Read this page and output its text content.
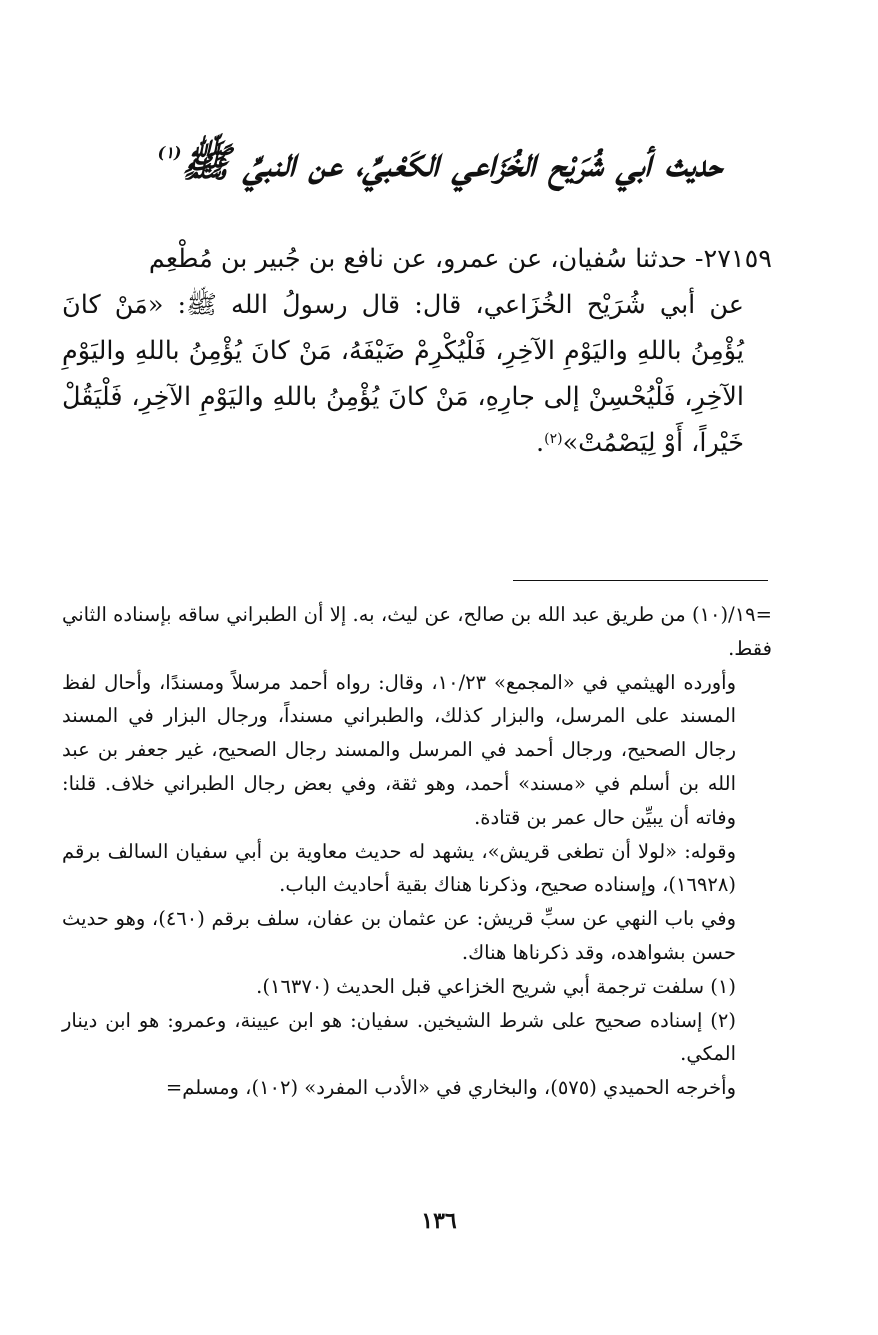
حديث أبي شُرَيْح الخُزَاعي الكَعْبيِّ، عن النبيِّ ﷺ$^{(١)}$

٢٧١٥٩- حدثنا سُفيان، عن عمرو، عن نافع بن جُبير بن مُطْعِم

عن أبي شُرَيْح الخُزَاعي، قال: قال رسولُ الله ﷺ: «مَنْ كانَ يُؤْمِنُ باللهِ واليَوْمِ الآخِرِ، فَلْيُكْرِمْ ضَيْفَهُ، مَنْ كانَ يُؤْمِنُ باللهِ واليَوْمِ الآخِرِ، فَلْيُحْسِنْ إلى جارِهِ، مَنْ كانَ يُؤْمِنُ باللهِ واليَوْمِ الآخِرِ، فَلْيَقُلْ خَيْراً، أَوْ لِيَصْمُتْ»$^{(٢)}$.

=١٩/(١٠) من طريق عبد الله بن صالح، عن ليث، به. إلا أن الطبراني ساقه بإسناده الثاني فقط.

وأورده الهيثمي في «المجمع» ١٠/٢٣، وقال: رواه أحمد مرسلاً ومسندًا، وأحال لفظ المسند على المرسل، والبزار كذلك، والطبراني مسنداً، ورجال البزار في المسند رجال الصحيح، ورجال أحمد في المرسل والمسند رجال الصحيح، غير جعفر بن عبد الله بن أسلم في «مسند» أحمد، وهو ثقة، وفي بعض رجال الطبراني خلاف. قلنا: وفاته أن يبيِّن حال عمر بن قتادة.

وقوله: «لولا أن تطغى قريش»، يشهد له حديث معاوية بن أبي سفيان السالف برقم (١٦٩٢٨)، وإسناده صحيح، وذكرنا هناك بقية أحاديث الباب.

وفي باب النهي عن سبِّ قريش: عن عثمان بن عفان، سلف برقم (٤٦٠)، وهو حديث حسن بشواهده، وقد ذكرناها هناك.

(١) سلفت ترجمة أبي شريح الخزاعي قبل الحديث (١٦٣٧٠).

(٢) إسناده صحيح على شرط الشيخين. سفيان: هو ابن عيينة، وعمرو: هو ابن دينار المكي.

وأخرجه الحميدي (٥٧٥)، والبخاري في «الأدب المفرد» (١٠٢)، ومسلم=

١٣٦
